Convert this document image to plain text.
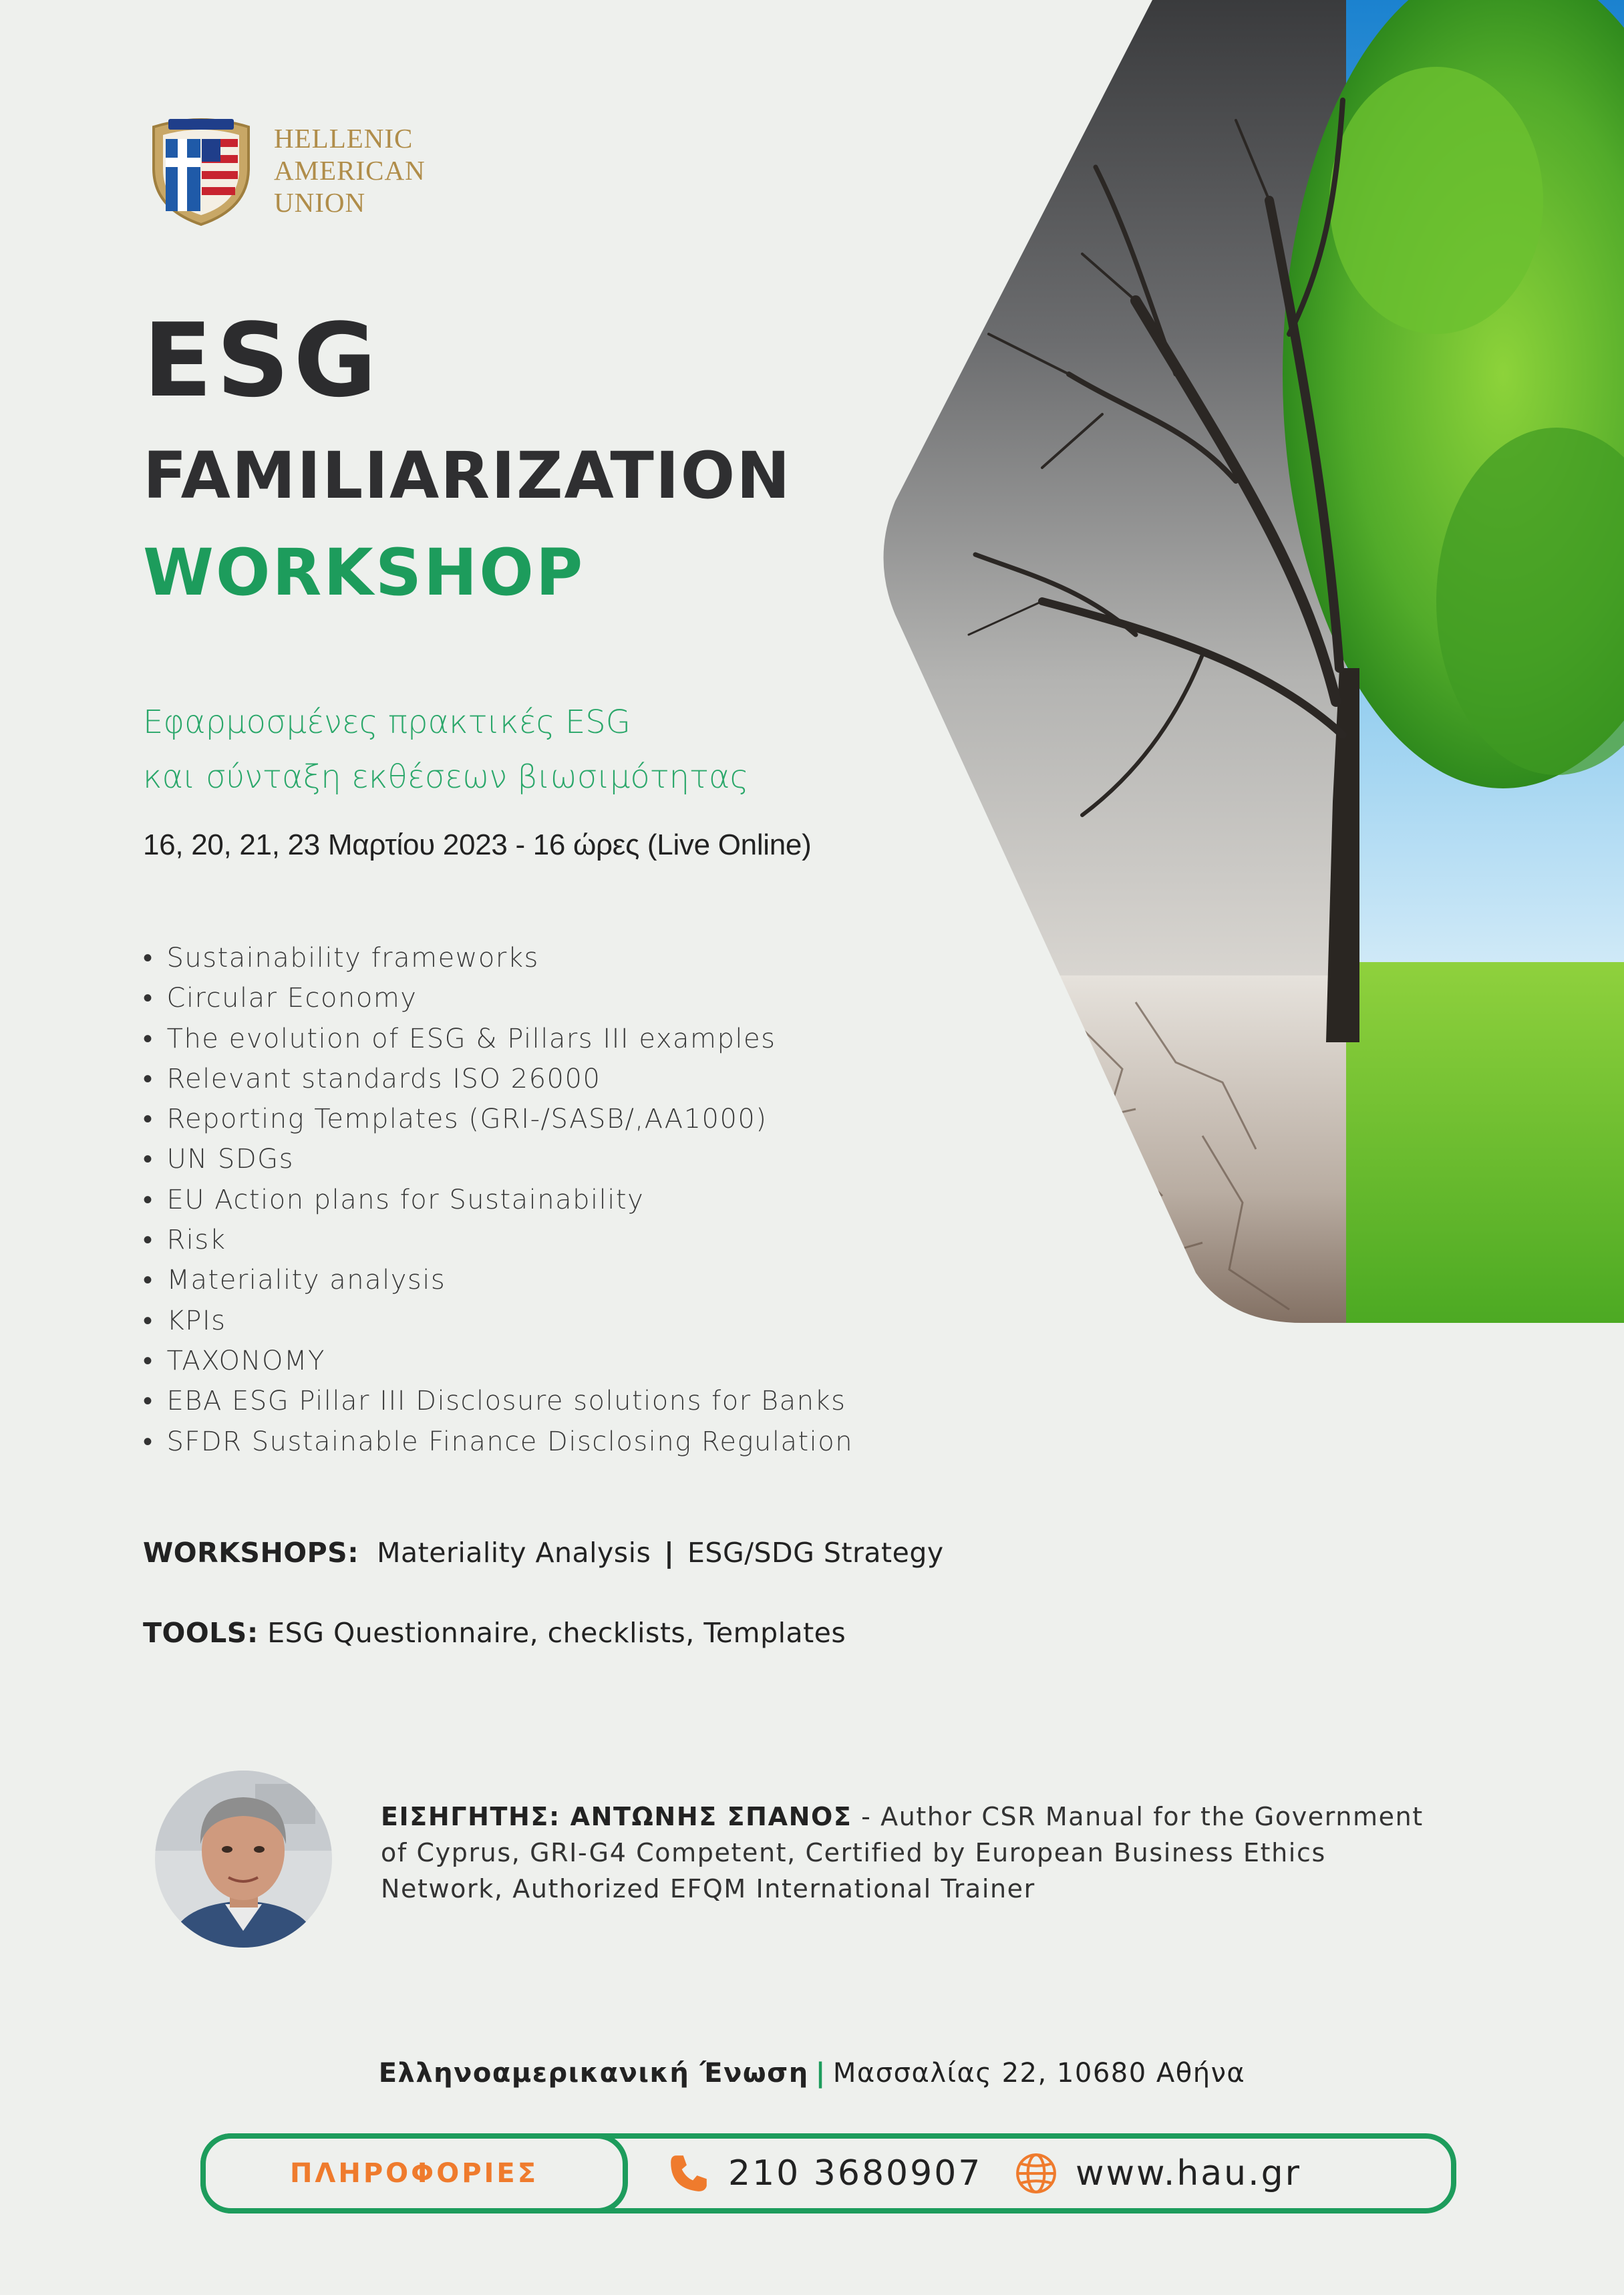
HELLENIC
AMERICAN
UNION
ESG
FAMILIARIZATION
WORKSHOP

Εφαρμοσμένες πρακτικές ESG
και σύνταξη εκθέσεων βιωσιμότητας

16, 20, 21, 23 Μαρτίου 2023 - 16 ώρες (Live Online)

• Sustainability frameworks
• Circular Economy
• The evolution of ESG & Pillars III examples
• Relevant standards ISO 26000
• Reporting Templates (GRI-/SASB/,AA1000)
• UN SDGs
• EU Action plans for Sustainability
• Risk
• Materiality analysis
• KPIs
• TAXONOMY
• EBA ESG Pillar III Disclosure solutions for Banks
• SFDR Sustainable Finance Disclosing Regulation

WORKSHOPS: Materiality Analysis | ESG/SDG Strategy

TOOLS: ESG Questionnaire, checklists, Templates

ΕΙΣΗΓΗΤΗΣ: ΑΝΤΩΝΗΣ ΣΠΑΝΟΣ - Author CSR Manual for the Government of Cyprus, GRI-G4 Competent, Certified by European Business Ethics Network, Authorized EFQM International Trainer

Ελληνοαμερικανική Ένωση | Μασσαλίας 22, 10680 Αθήνα

ΠΛΗΡΟΦΟΡΙΕΣ	210 3680907	www.hau.gr
